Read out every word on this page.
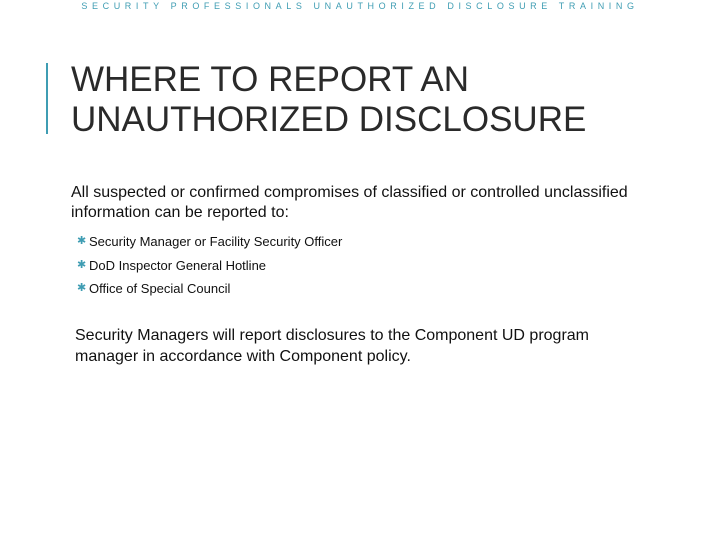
SECURITY PROFESSIONALS UNAUTHORIZED DISCLOSURE TRAINING
WHERE TO REPORT AN
UNAUTHORIZED DISCLOSURE

All suspected or confirmed compromises of classified or controlled unclassified information can be reported to:

✱ Security Manager or Facility Security Officer
✱ DoD Inspector General Hotline
✱ Office of Special Council

Security Managers will report disclosures to the Component UD program manager in accordance with Component policy.
